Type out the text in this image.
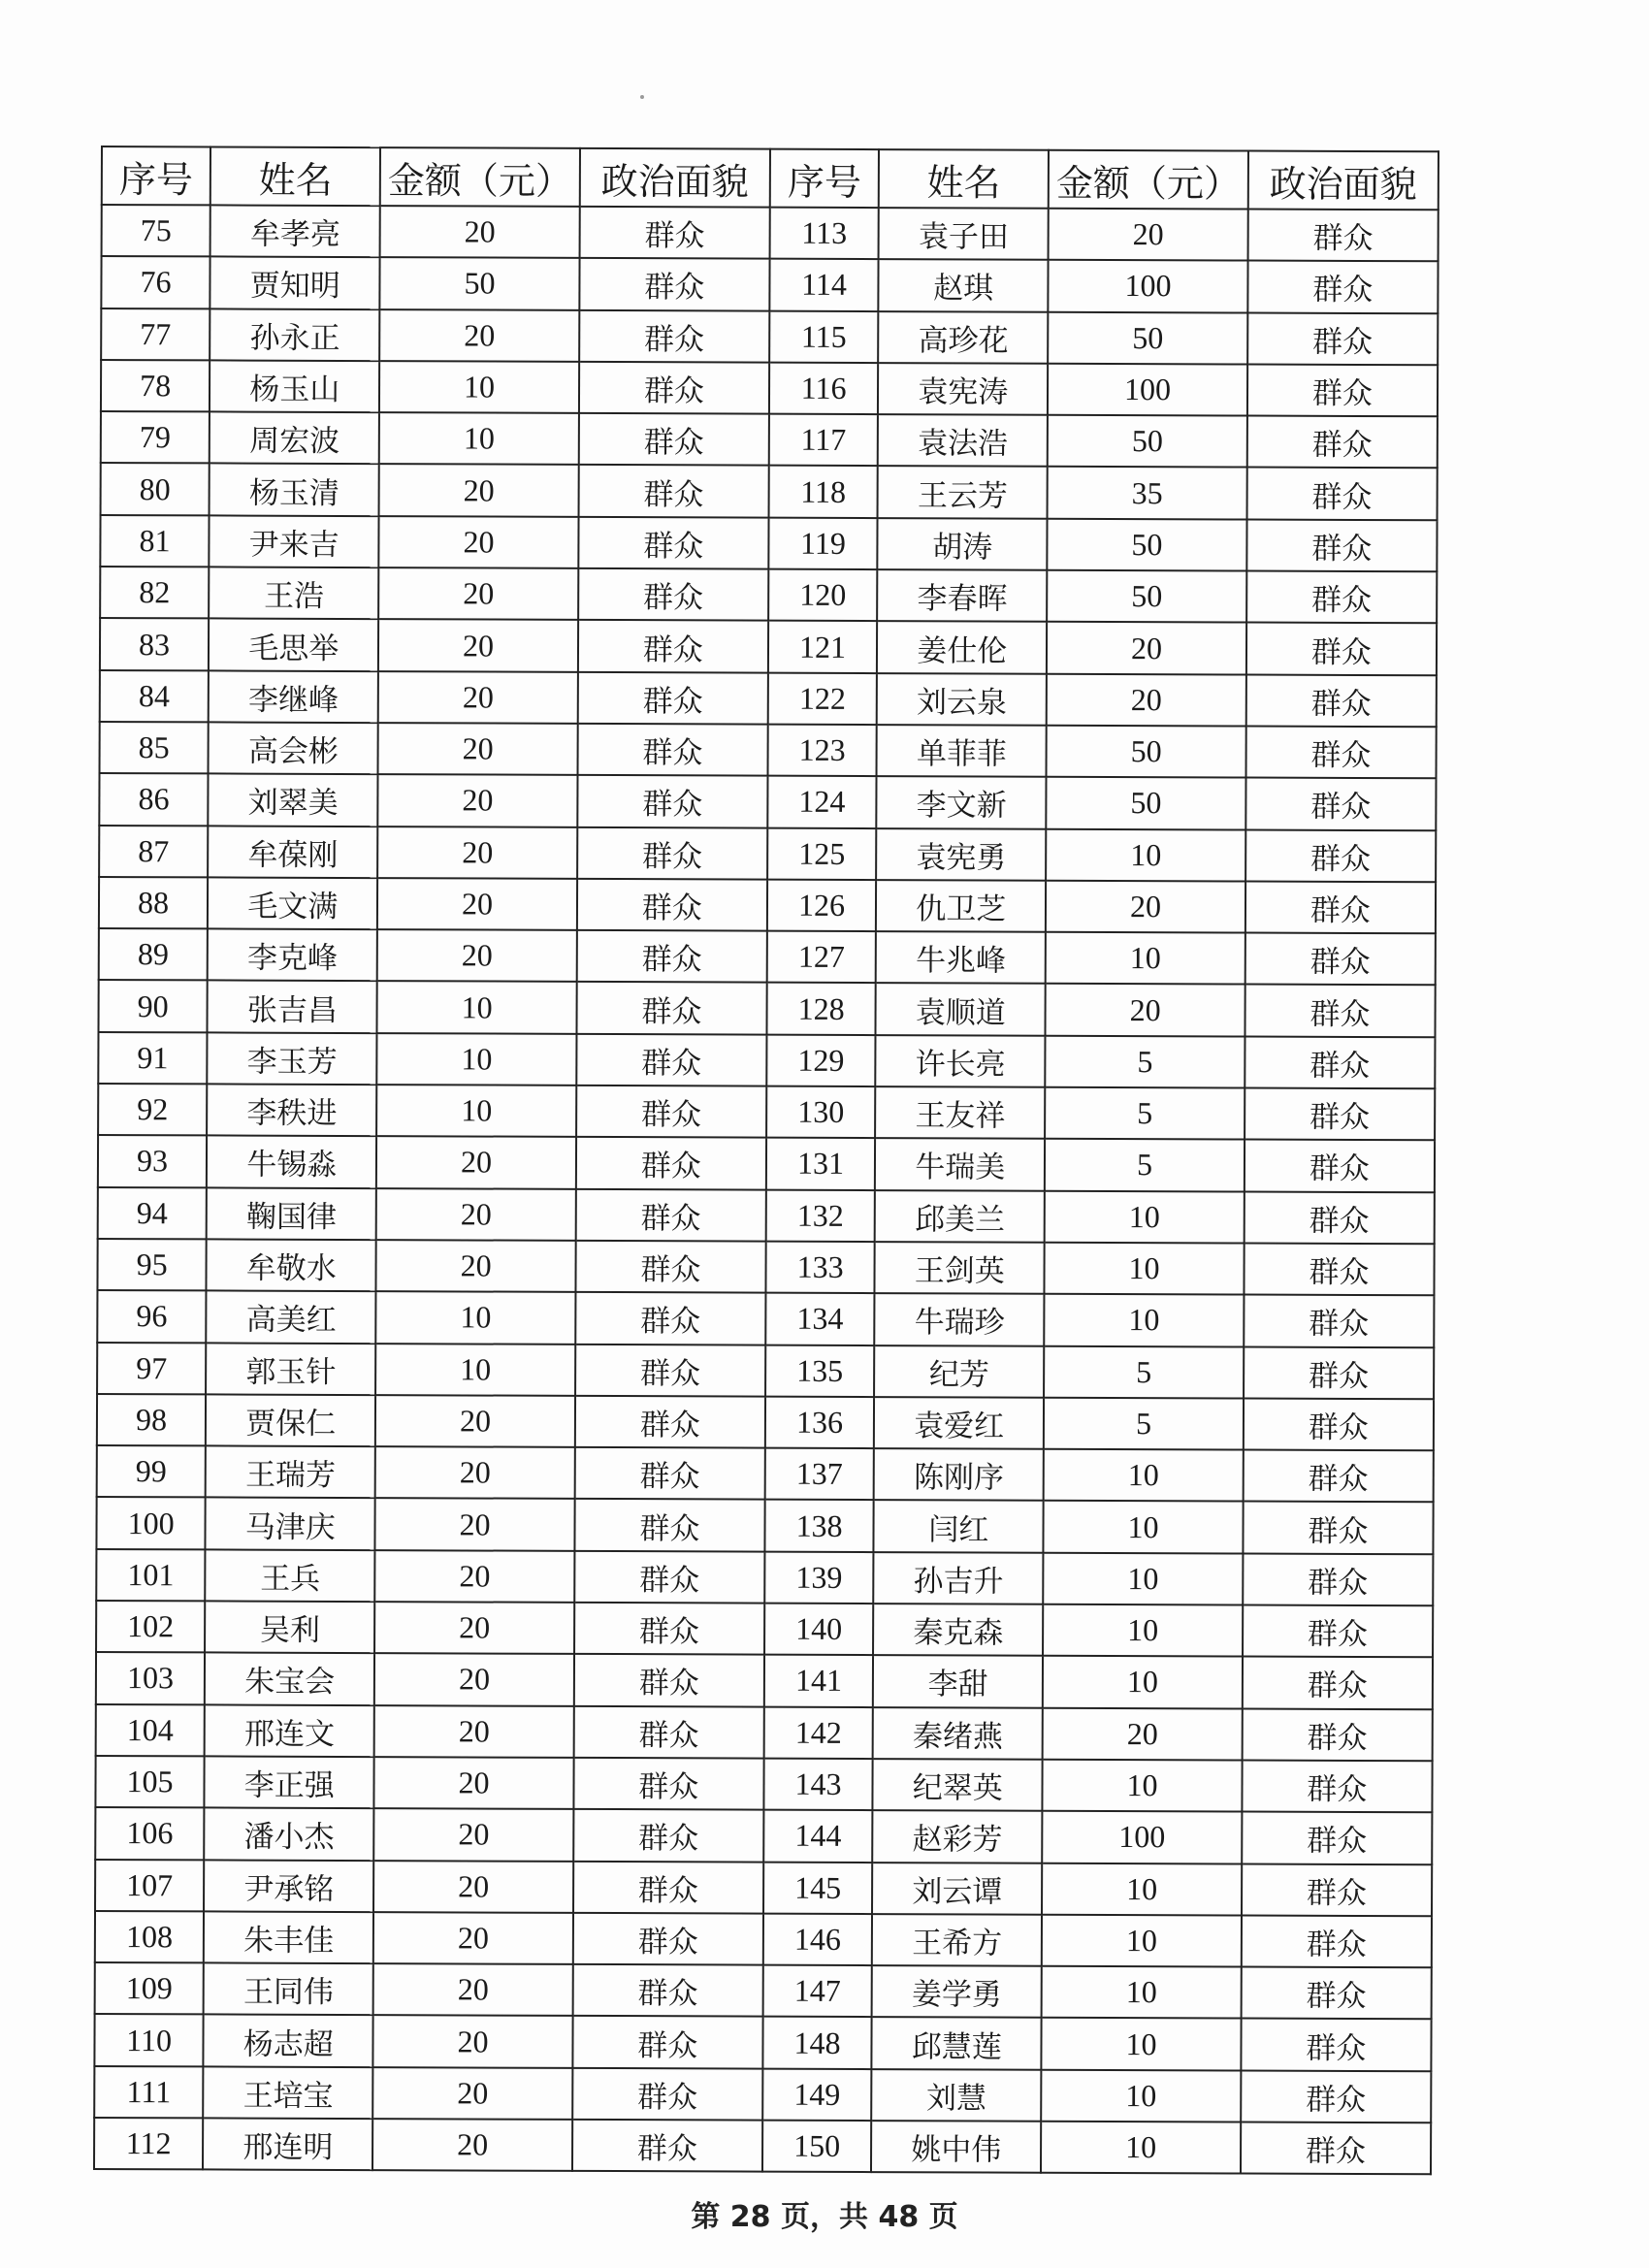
序号	姓名	金额（元）	政治面貌	序号	姓名	金额（元）	政治面貌
75	牟孝亮	20	群众	113	袁子田	20	群众
76	贾知明	50	群众	114	赵琪	100	群众
77	孙永正	20	群众	115	高珍花	50	群众
78	杨玉山	10	群众	116	袁宪涛	100	群众
79	周宏波	10	群众	117	袁法浩	50	群众
80	杨玉清	20	群众	118	王云芳	35	群众
81	尹来吉	20	群众	119	胡涛	50	群众
82	王浩	20	群众	120	李春晖	50	群众
83	毛思举	20	群众	121	姜仕伦	20	群众
84	李继峰	20	群众	122	刘云泉	20	群众
85	高会彬	20	群众	123	单菲菲	50	群众
86	刘翠美	20	群众	124	李文新	50	群众
87	牟葆刚	20	群众	125	袁宪勇	10	群众
88	毛文满	20	群众	126	仇卫芝	20	群众
89	李克峰	20	群众	127	牛兆峰	10	群众
90	张吉昌	10	群众	128	袁顺道	20	群众
91	李玉芳	10	群众	129	许长亮	5	群众
92	李秩进	10	群众	130	王友祥	5	群众
93	牛锡淼	20	群众	131	牛瑞美	5	群众
94	鞠国律	20	群众	132	邱美兰	10	群众
95	牟敬水	20	群众	133	王剑英	10	群众
96	高美红	10	群众	134	牛瑞珍	10	群众
97	郭玉针	10	群众	135	纪芳	5	群众
98	贾保仁	20	群众	136	袁爱红	5	群众
99	王瑞芳	20	群众	137	陈刚序	10	群众
100	马津庆	20	群众	138	闫红	10	群众
101	王兵	20	群众	139	孙吉升	10	群众
102	吴利	20	群众	140	秦克森	10	群众
103	朱宝会	20	群众	141	李甜	10	群众
104	邢连文	20	群众	142	秦绪燕	20	群众
105	李正强	20	群众	143	纪翠英	10	群众
106	潘小杰	20	群众	144	赵彩芳	100	群众
107	尹承铭	20	群众	145	刘云谭	10	群众
108	朱丰佳	20	群众	146	王希方	10	群众
109	王同伟	20	群众	147	姜学勇	10	群众
110	杨志超	20	群众	148	邱慧莲	10	群众
111	王培宝	20	群众	149	刘慧	10	群众
112	邢连明	20	群众	150	姚中伟	10	群众
第 28 页，共 48 页
